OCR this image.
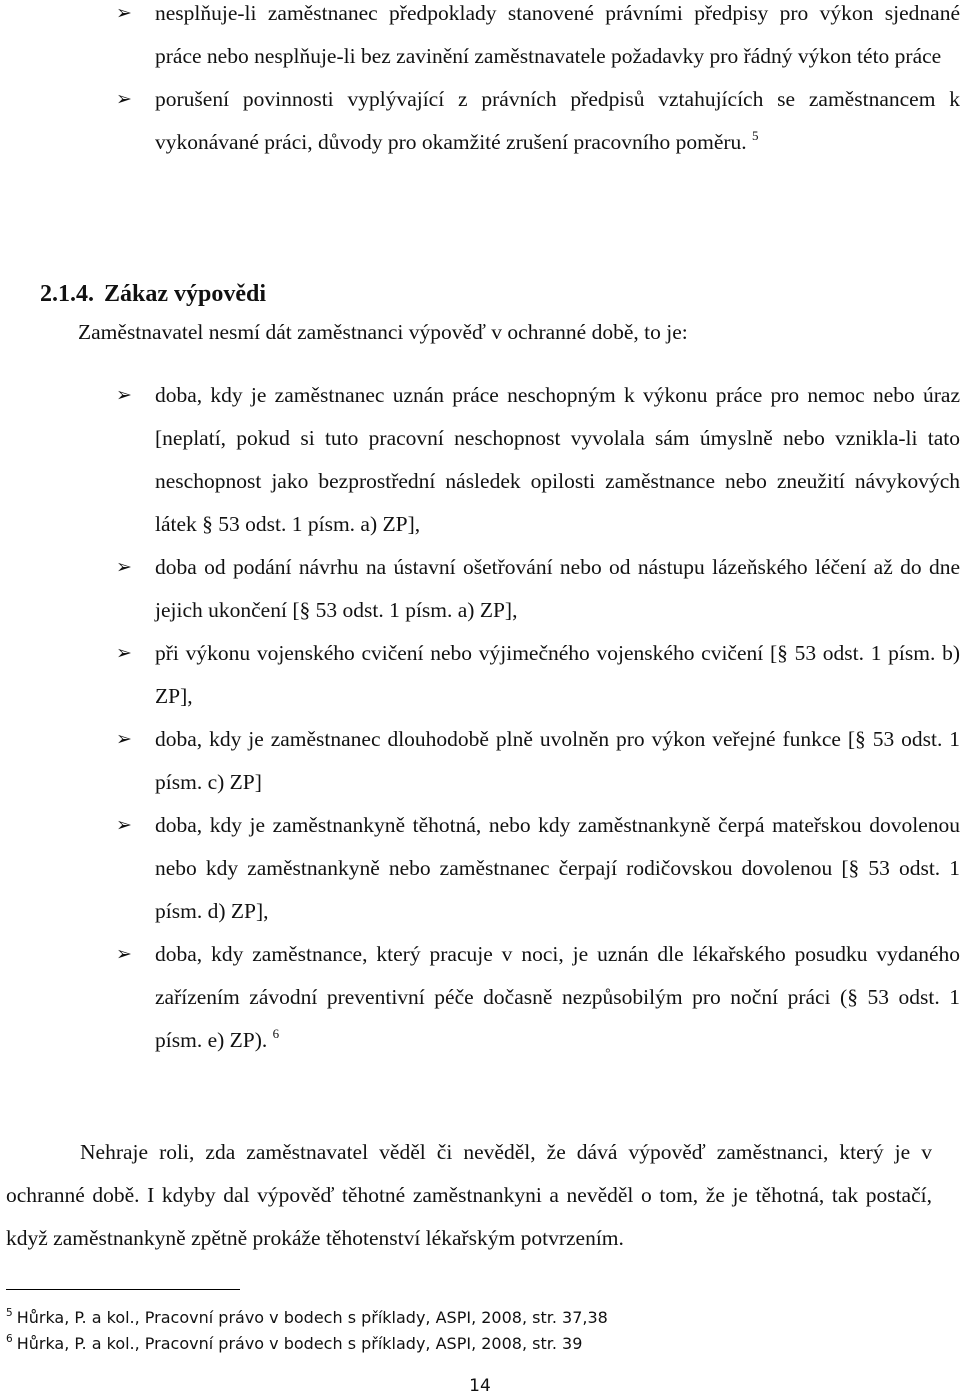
➢ nesplňuje-li zaměstnanec předpoklady stanovené právními předpisy pro výkon sjednané práce nebo nesplňuje-li bez zavinění zaměstnavatele požadavky pro řádný výkon této práce
➢ porušení povinnosti vyplývající z právních předpisů vztahujících se zaměstnancem k vykonávané práci, důvody pro okamžité zrušení pracovního poměru. $^5$
2.1.4. Zákaz výpovědi
Zaměstnavatel nesmí dát zaměstnanci výpověď v ochranné době, to je:
➢ doba, kdy je zaměstnanec uznán práce neschopným k výkonu práce pro nemoc nebo úraz [neplatí, pokud si tuto pracovní neschopnost vyvolala sám úmyslně nebo vznikla-li tato neschopnost jako bezprostřední následek opilosti zaměstnance nebo zneužití návykových látek § 53 odst. 1 písm. a) ZP],
➢ doba od podání návrhu na ústavní ošetřování nebo od nástupu lázeňského léčení až do dne jejich ukončení [§ 53 odst. 1 písm. a) ZP],
➢ při výkonu vojenského cvičení nebo výjimečného vojenského cvičení [§ 53 odst. 1 písm. b) ZP],
➢ doba, kdy je zaměstnanec dlouhodobě plně uvolněn pro výkon veřejné funkce [§ 53 odst. 1 písm. c) ZP]
➢ doba, kdy je zaměstnankyně těhotná, nebo kdy zaměstnankyně čerpá mateřskou dovolenou nebo kdy zaměstnankyně nebo zaměstnanec čerpají rodičovskou dovolenou [§ 53 odst. 1 písm. d) ZP],
➢ doba, kdy zaměstnance, který pracuje v noci, je uznán dle lékařského posudku vydaného zařízením závodní preventivní péče dočasně nezpůsobilým pro noční práci (§ 53 odst. 1 písm. e) ZP). $^6$
Nehraje roli, zda zaměstnavatel věděl či nevěděl, že dává výpověď zaměstnanci, který je v ochranné době. I kdyby dal výpověď těhotné zaměstnankyni a nevěděl o tom, že je těhotná, tak postačí, když zaměstnankyně zpětně prokáže těhotenství lékařským potvrzením.
$^5$ Hůrka, P. a kol., Pracovní právo v bodech s příklady, ASPI, 2008, str. 37,38
$^6$ Hůrka, P. a kol., Pracovní právo v bodech s příklady, ASPI, 2008, str. 39
14
